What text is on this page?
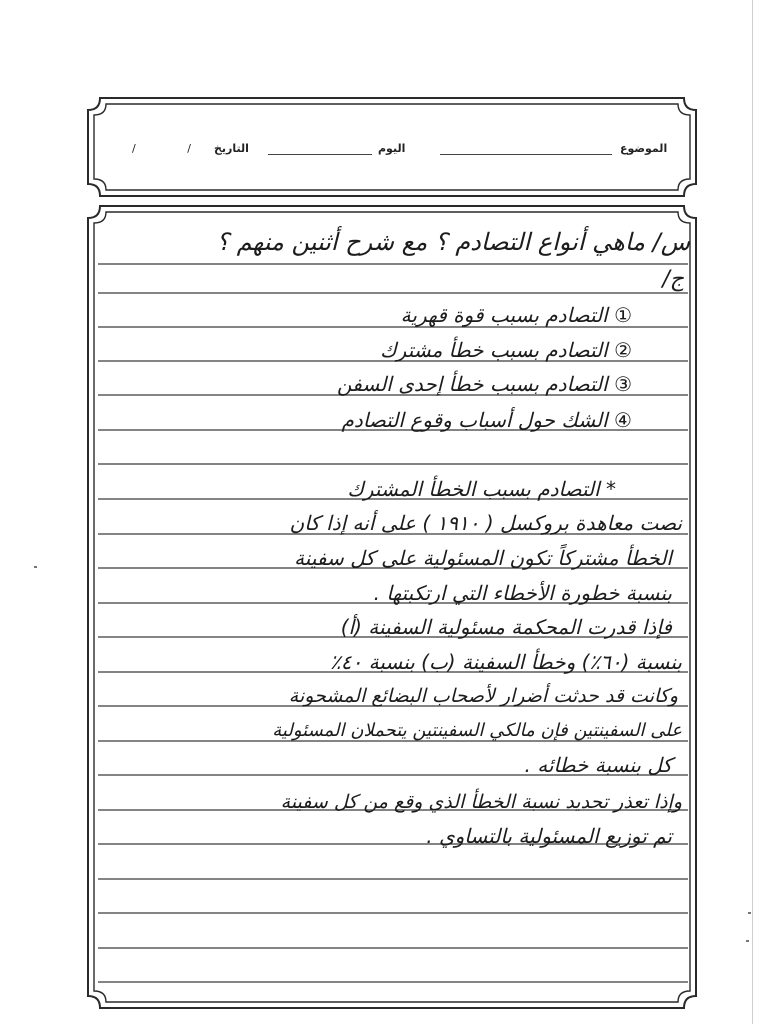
الموضوع
اليوم
التاريخ
/ /
س/ ماهي أنواع التصادم ؟ مع شرح أثنين منهم ؟
ج/
① التصادم بسبب قوة قهرية
② التصادم بسبب خطأ مشترك
③ التصادم بسبب خطأ إحدى السفن
④ الشك حول أسباب وقوع التصادم
* التصادم بسبب الخطأ المشترك
نصت معاهدة بروكسل ( ١٩١٠ ) على أنه إذا كان
الخطأ مشتركاً تكون المسئولية على كل سفينة
بنسبة خطورة الأخطاء التي ارتكبتها .
فإذا قدرت المحكمة مسئولية السفينة (أ)
بنسبة (٦٠٪) وخطأ السفينة (ب) بنسبة ٤٠٪
وكانت قد حدثت أضرار لأصحاب البضائع المشحونة
على السفينتين فإن مالكي السفينتين يتحملان المسئولية
كل بنسبة خطائه .
وإذا تعذر تحديد نسبة الخطأ الذي وقع من كل سفينة
تم توزيع المسئولية بالتساوي .
